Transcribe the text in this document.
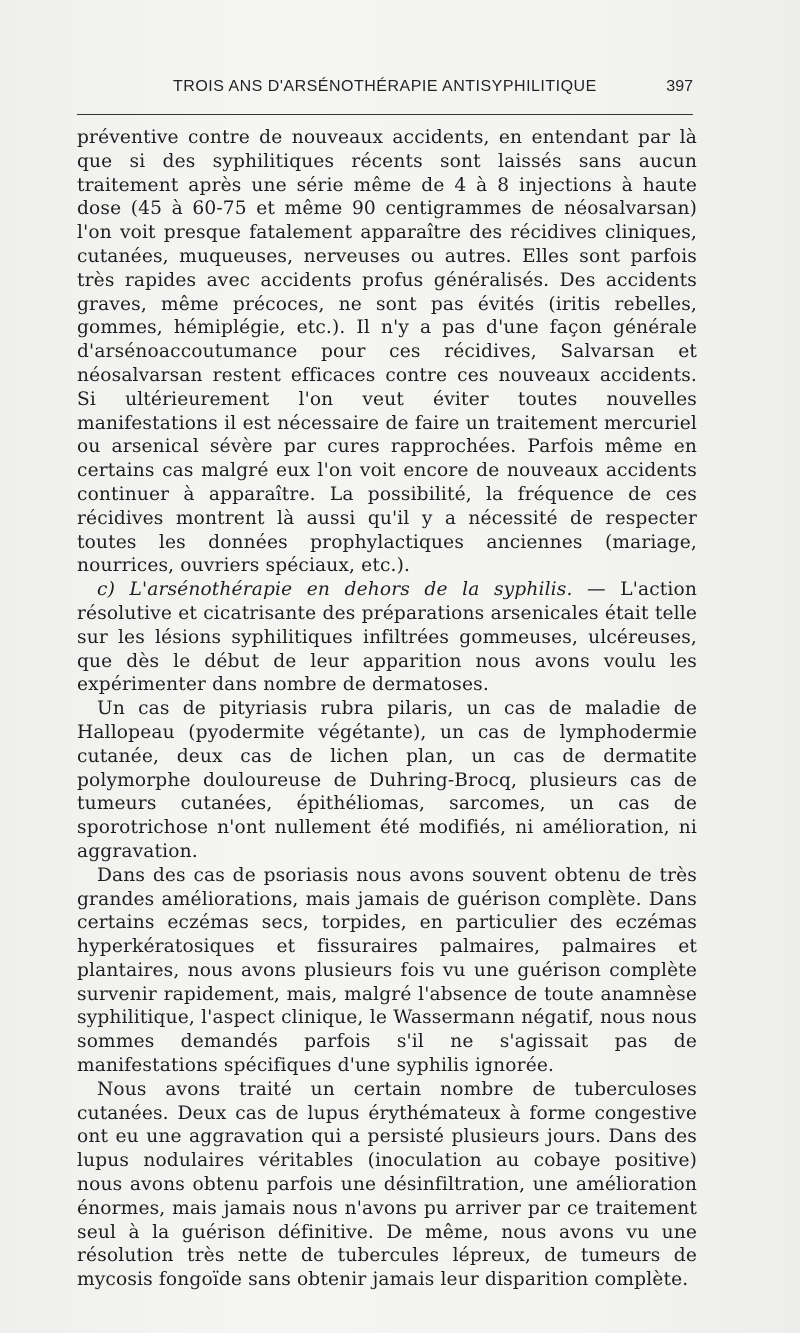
TROIS ANS D'ARSÉNOTHÉRAPIE ANTISYPHILITIQUE	397

préventive contre de nouveaux accidents, en entendant par là que si des syphilitiques récents sont laissés sans aucun traitement après une série même de 4 à 8 injections à haute dose (45 à 60-75 et même 90 centigrammes de néosalvarsan) l'on voit presque fatalement apparaître des récidives cliniques, cutanées, muqueuses, nerveuses ou autres. Elles sont parfois très rapides avec accidents profus généralisés. Des accidents graves, même précoces, ne sont pas évités (iritis rebelles, gommes, hémiplégie, etc.). Il n'y a pas d'une façon générale d'arsénoaccoutumance pour ces récidives, Salvarsan et néosalvarsan restent efficaces contre ces nouveaux accidents. Si ultérieurement l'on veut éviter toutes nouvelles manifestations il est nécessaire de faire un traitement mercuriel ou arsenical sévère par cures rapprochées. Parfois même en certains cas malgré eux l'on voit encore de nouveaux accidents continuer à apparaître. La possibilité, la fréquence de ces récidives montrent là aussi qu'il y a nécessité de respecter toutes les données prophylactiques anciennes (mariage, nourrices, ouvriers spéciaux, etc.).

c) L'arsénothérapie en dehors de la syphilis. — L'action résolutive et cicatrisante des préparations arsenicales était telle sur les lésions syphilitiques infiltrées gommeuses, ulcéreuses, que dès le début de leur apparition nous avons voulu les expérimenter dans nombre de dermatoses.

Un cas de pityriasis rubra pilaris, un cas de maladie de Hallopeau (pyodermite végétante), un cas de lymphodermie cutanée, deux cas de lichen plan, un cas de dermatite polymorphe douloureuse de Duhring-Brocq, plusieurs cas de tumeurs cutanées, épithéliomas, sarcomes, un cas de sporotrichose n'ont nullement été modifiés, ni amélioration, ni aggravation.

Dans des cas de psoriasis nous avons souvent obtenu de très grandes améliorations, mais jamais de guérison complète. Dans certains eczémas secs, torpides, en particulier des eczémas hyperkératosiques et fissuraires palmaires, palmaires et plantaires, nous avons plusieurs fois vu une guérison complète survenir rapidement, mais, malgré l'absence de toute anamnèse syphilitique, l'aspect clinique, le Wassermann négatif, nous nous sommes demandés parfois s'il ne s'agissait pas de manifestations spécifiques d'une syphilis ignorée.

Nous avons traité un certain nombre de tuberculoses cutanées. Deux cas de lupus érythémateux à forme congestive ont eu une aggravation qui a persisté plusieurs jours. Dans des lupus nodulaires véritables (inoculation au cobaye positive) nous avons obtenu parfois une désinfiltration, une amélioration énormes, mais jamais nous n'avons pu arriver par ce traitement seul à la guérison définitive. De même, nous avons vu une résolution très nette de tubercules lépreux, de tumeurs de mycosis fongoïde sans obtenir jamais leur disparition complète.
